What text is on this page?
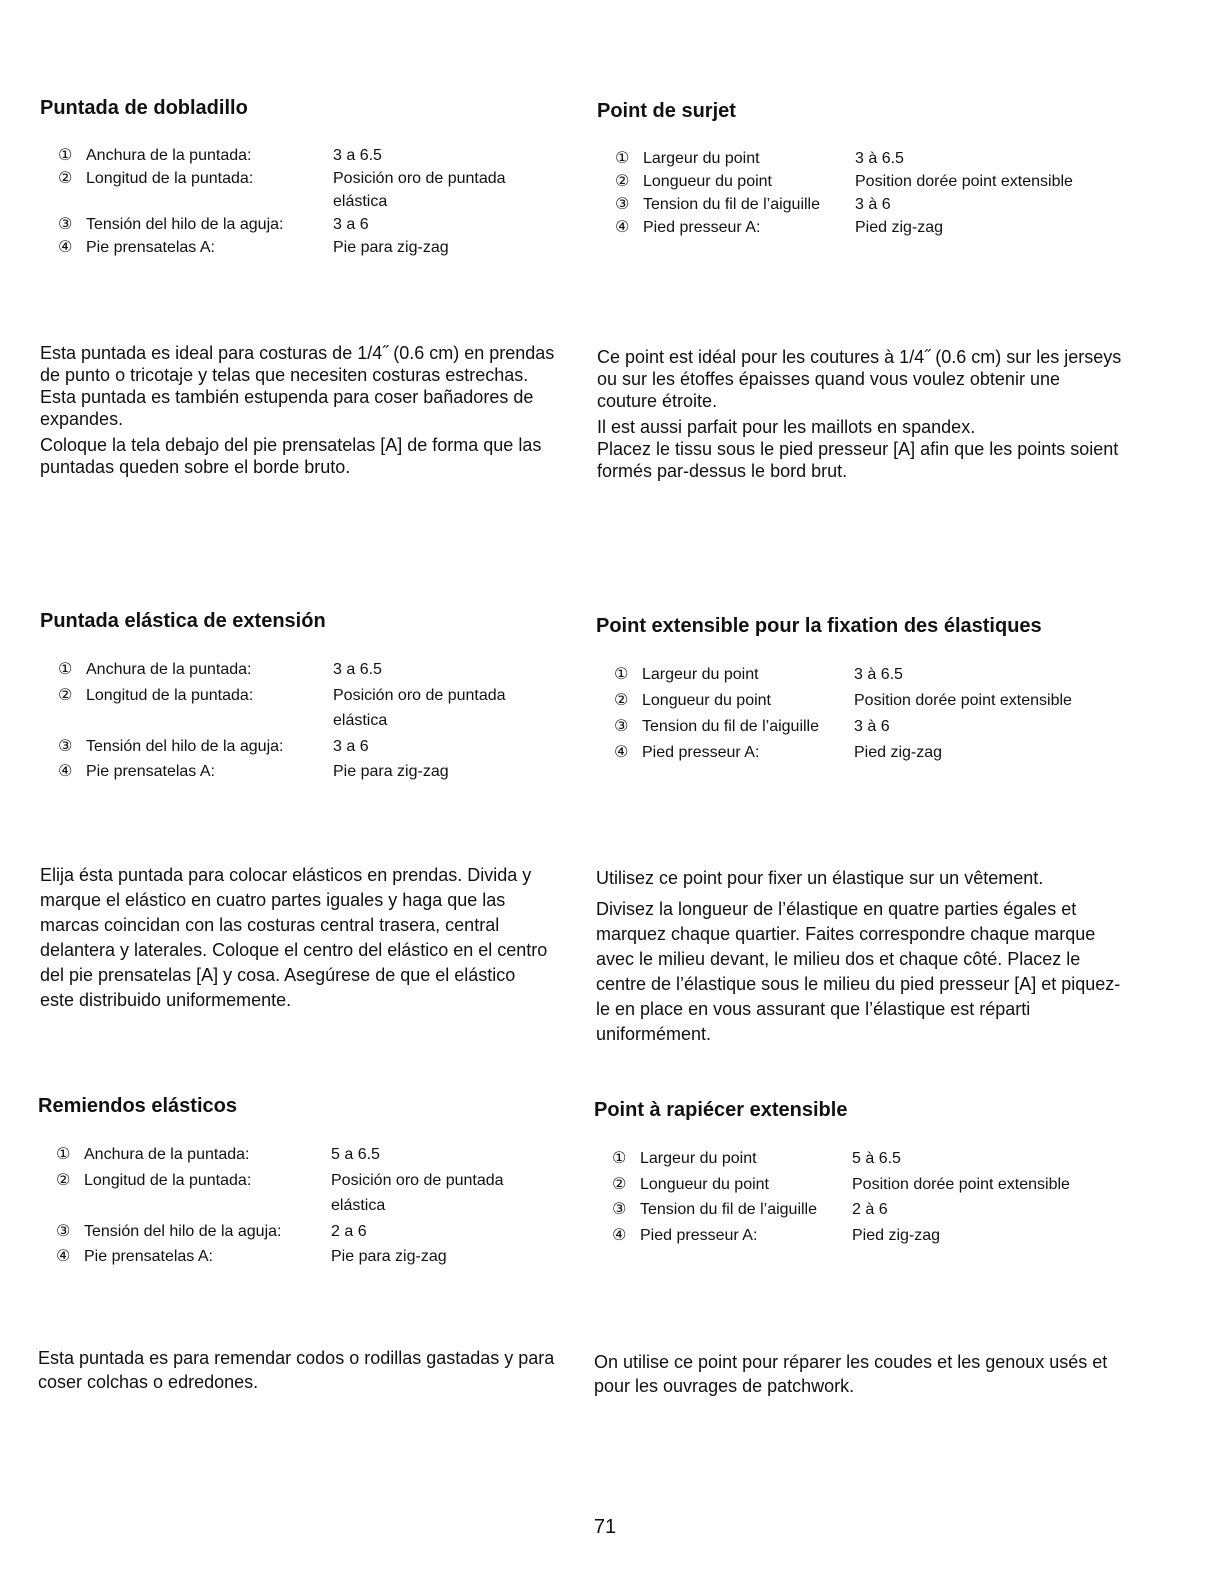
Puntada de dobladillo
① Anchura de la puntada:	3 a 6.5
② Longitud de la puntada:	Posición oro de puntada
elástica
③ Tensión del hilo de la aguja:	3 a 6
④ Pie prensatelas A:	Pie para zig-zag

Esta puntada es ideal para costuras de 1/4˝ (0.6 cm) en prendas de punto o tricotaje y telas que necesiten costuras estrechas. Esta puntada es también estupenda para coser bañadores de expandes.

Coloque la tela debajo del pie prensatelas [A] de forma que las puntadas queden sobre el borde bruto.

Point de surjet
① Largeur du point	3 à 6.5
② Longueur du point	Position dorée point extensible
③ Tension du fil de l’aiguille	3 à 6
④ Pied presseur A:	Pied zig-zag

Ce point est idéal pour les coutures à 1/4˝ (0.6 cm) sur les jerseys ou sur les étoffes épaisses quand vous voulez obtenir une couture étroite.

Il est aussi parfait pour les maillots en spandex.

Placez le tissu sous le pied presseur [A] afin que les points soient formés par-dessus le bord brut.

Puntada elástica de extensión
① Anchura de la puntada:	3 a 6.5
② Longitud de la puntada:	Posición oro de puntada
elástica
③ Tensión del hilo de la aguja:	3 a 6
④ Pie prensatelas A:	Pie para zig-zag

Elija ésta puntada para colocar elásticos en prendas. Divida y marque el elástico en cuatro partes iguales y haga que las marcas coincidan con las costuras central trasera, central delantera y laterales. Coloque el centro del elástico en el centro del pie prensatelas [A] y cosa. Asegúrese de que el elástico este distribuido uniformemente.

Point extensible pour la fixation des élastiques
① Largeur du point	3 à 6.5
② Longueur du point	Position dorée point extensible
③ Tension du fil de l’aiguille	3 à 6
④ Pied presseur A:	Pied zig-zag

Utilisez ce point pour fixer un élastique sur un vêtement.

Divisez la longueur de l’élastique en quatre parties égales et marquez chaque quartier. Faites correspondre chaque marque avec le milieu devant, le milieu dos et chaque côté. Placez le centre de l’élastique sous le milieu du pied presseur [A] et piquez-le en place en vous assurant que l’élastique est réparti uniformément.

Remiendos elásticos
① Anchura de la puntada:	5 a 6.5
② Longitud de la puntada:	Posición oro de puntada
elástica
③ Tensión del hilo de la aguja:	2 a 6
④ Pie prensatelas A:	Pie para zig-zag

Esta puntada es para remendar codos o rodillas gastadas y para coser colchas o edredones.

Point à rapiécer extensible
① Largeur du point	5 à 6.5
② Longueur du point	Position dorée point extensible
③ Tension du fil de l’aiguille	2 à 6
④ Pied presseur A:	Pied zig-zag

On utilise ce point pour réparer les coudes et les genoux usés et pour les ouvrages de patchwork.

71
